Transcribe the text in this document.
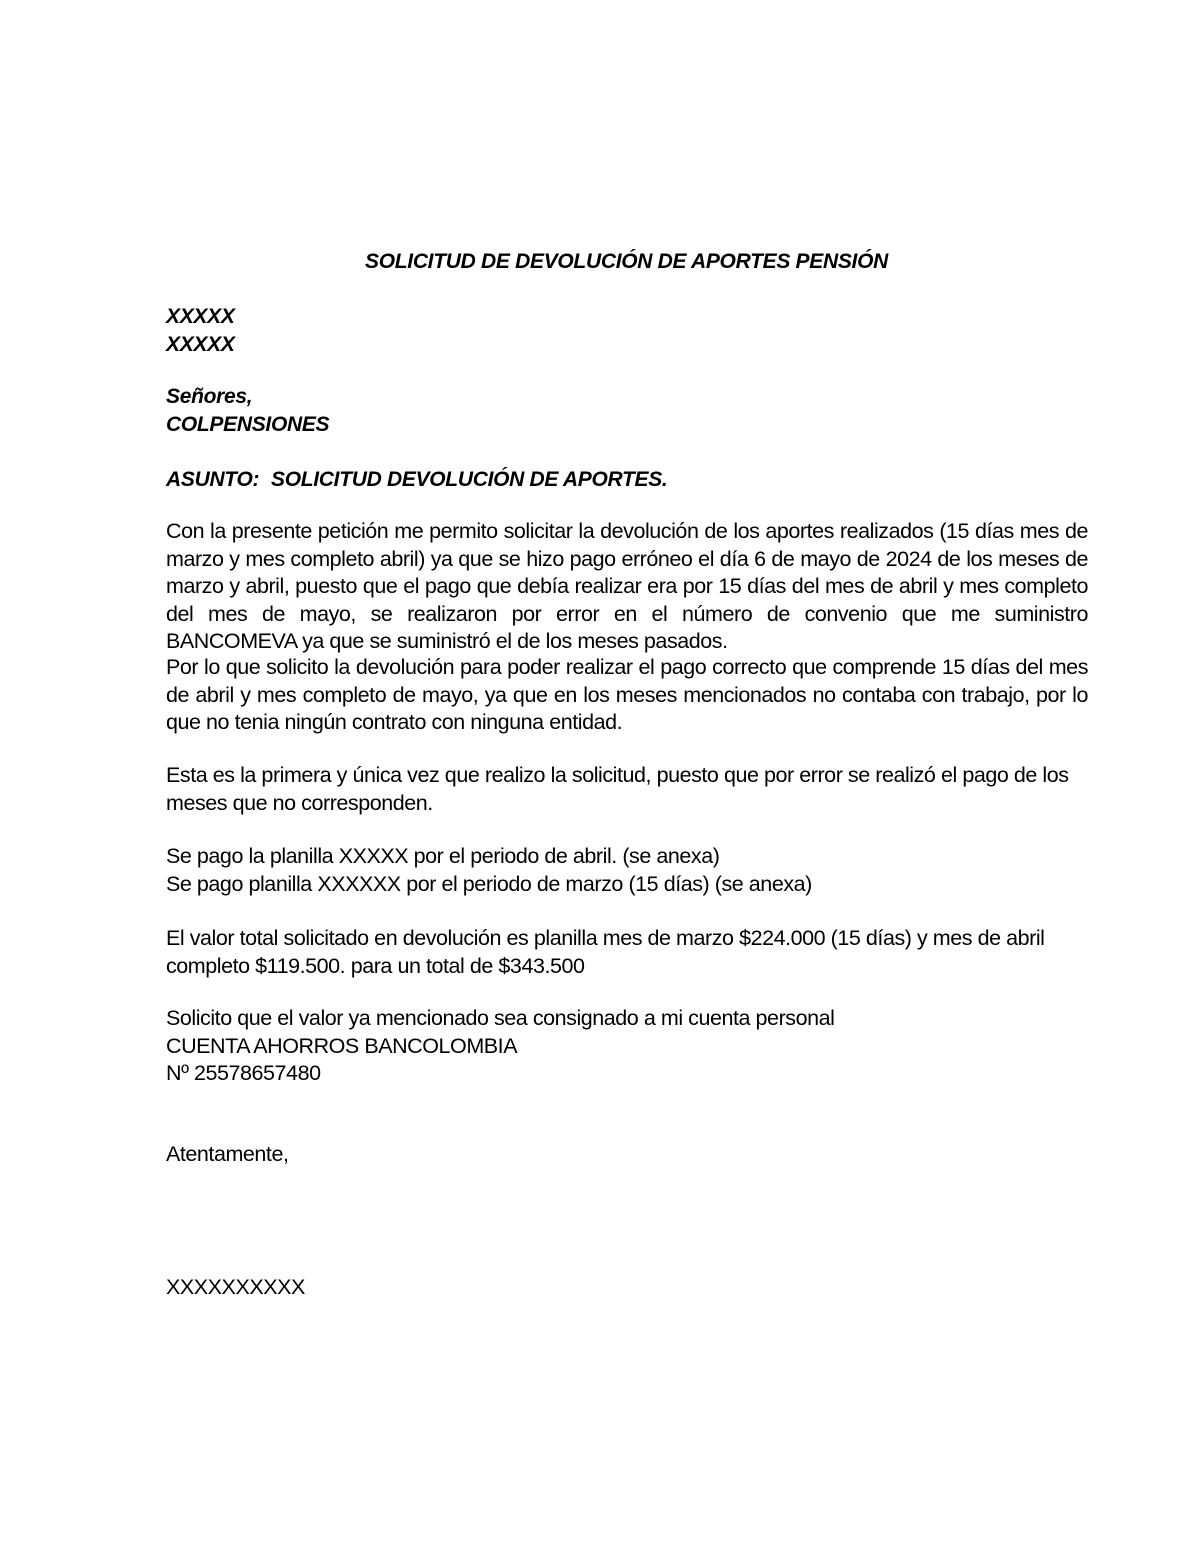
SOLICITUD DE DEVOLUCIÓN DE APORTES PENSIÓN
XXXXX
XXXXX
Señores,
COLPENSIONES
ASUNTO: SOLICITUD DEVOLUCIÓN DE APORTES.
Con la presente petición me permito solicitar la devolución de los aportes realizados (15 días mes de marzo y mes completo abril) ya que se hizo pago erróneo el día 6 de mayo de 2024 de los meses de marzo y abril, puesto que el pago que debía realizar era por 15 días del mes de abril y mes completo del mes de mayo, se realizaron por error en el número de convenio que me suministro BANCOMEVA ya que se suministró el de los meses pasados.
Por lo que solicito la devolución para poder realizar el pago correcto que comprende 15 días del mes de abril y mes completo de mayo, ya que en los meses mencionados no contaba con trabajo, por lo que no tenia ningún contrato con ninguna entidad.
Esta es la primera y única vez que realizo la solicitud, puesto que por error se realizó el pago de los meses que no corresponden.
Se pago la planilla XXXXX por el periodo de abril. (se anexa)
Se pago planilla XXXXXX por el periodo de marzo (15 días) (se anexa)
El valor total solicitado en devolución es planilla mes de marzo $224.000 (15 días) y mes de abril completo $119.500. para un total de $343.500
Solicito que el valor ya mencionado sea consignado a mi cuenta personal
CUENTA AHORROS BANCOLOMBIA
Nº 25578657480
Atentamente,
XXXXXXXXXX
